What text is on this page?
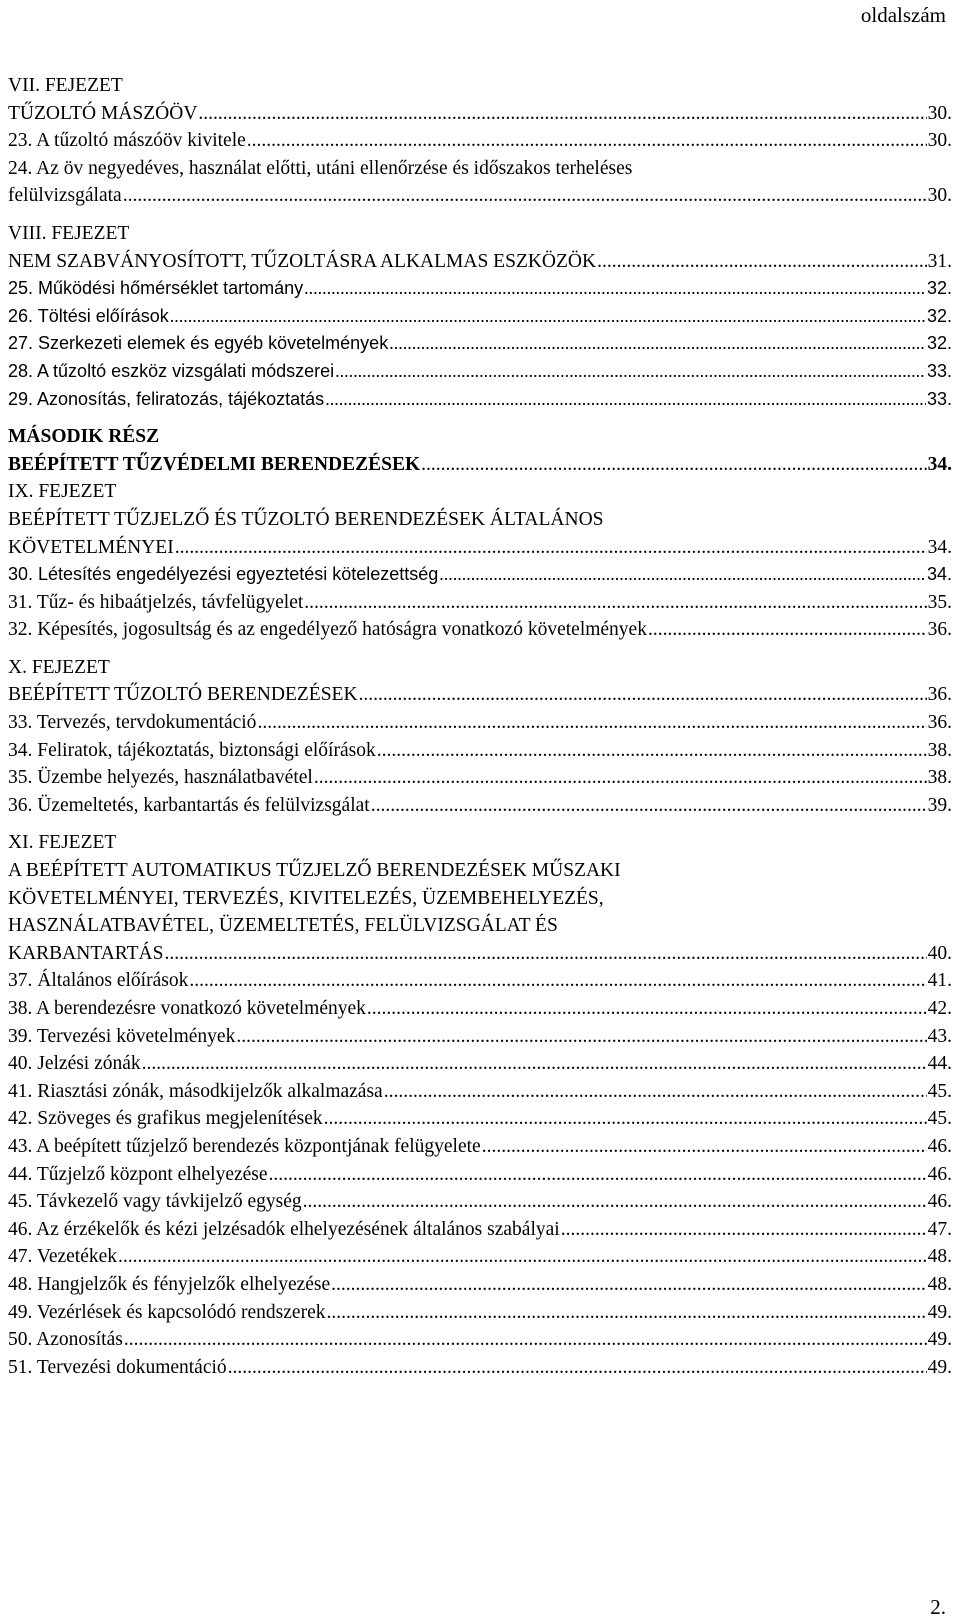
oldalszám
VII. FEJEZET
TŰZOLTÓ MÁSZÓÖV .....	30.
23. A tűzoltó mászóöv kivitele .....	30.
24. Az öv negyedéves, használat előtti, utáni ellenőrzése és időszakos terheléses
felülvizsgálata .....	30.
VIII. FEJEZET
NEM SZABVÁNYOSÍTOTT, TŰZOLTÁSRA ALKALMAS ESZKÖZÖK .....	31.
25. Működési hőmérséklet tartomány .....	32.
26. Töltési előírások .....	32.
27. Szerkezeti elemek és egyéb követelmények .....	32.
28. A tűzoltó eszköz vizsgálati módszerei .....	33.
29. Azonosítás, feliratozás, tájékoztatás .....	33.
MÁSODIK RÉSZ
BEÉPÍTETT TŰZVÉDELMI BERENDEZÉSEK .....	34.
IX. FEJEZET
BEÉPÍTETT TŰZJELZŐ ÉS TŰZOLTÓ BERENDEZÉSEK ÁLTALÁNOS
KÖVETELMÉNYEI .....	34.
30. Létesítés engedélyezési egyeztetési kötelezettség .....	34.
31. Tűz- és hibaátjelzés, távfelügyelet .....	35.
32. Képesítés, jogosultság és az engedélyező hatóságra vonatkozó követelmények .....	36.
X. FEJEZET
BEÉPÍTETT TŰZOLTÓ BERENDEZÉSEK .....	36.
33. Tervezés, tervdokumentáció .....	36.
34. Feliratok, tájékoztatás, biztonsági előírások .....	38.
35. Üzembe helyezés, használatbavétel .....	38.
36. Üzemeltetés, karbantartás és felülvizsgálat .....	39.
XI. FEJEZET
A BEÉPÍTETT AUTOMATIKUS TŰZJELZŐ BERENDEZÉSEK MŰSZAKI
KÖVETELMÉNYEI, TERVEZÉS, KIVITELEZÉS, ÜZEMBEHELYEZÉS,
HASZNÁLATBAVÉTEL, ÜZEMELTETÉS, FELÜLVIZSGÁLAT ÉS
KARBANTARTÁS .....	40.
37. Általános előírások .....	41.
38. A berendezésre vonatkozó követelmények .....	42.
39. Tervezési követelmények .....	43.
40. Jelzési zónák .....	44.
41. Riasztási zónák, másodkijelzők alkalmazása .....	45.
42. Szöveges és grafikus megjelenítések .....	45.
43. A beépített tűzjelző berendezés központjának felügyelete .....	46.
44. Tűzjelző központ elhelyezése .....	46.
45. Távkezelő vagy távkijelző egység .....	46.
46. Az érzékelők és kézi jelzésadók elhelyezésének általános szabályai .....	47.
47. Vezetékek .....	48.
48. Hangjelzők és fényjelzők elhelyezése .....	48.
49. Vezérlések és kapcsolódó rendszerek .....	49.
50. Azonosítás .....	49.
51. Tervezési dokumentáció .....	49.
2.
